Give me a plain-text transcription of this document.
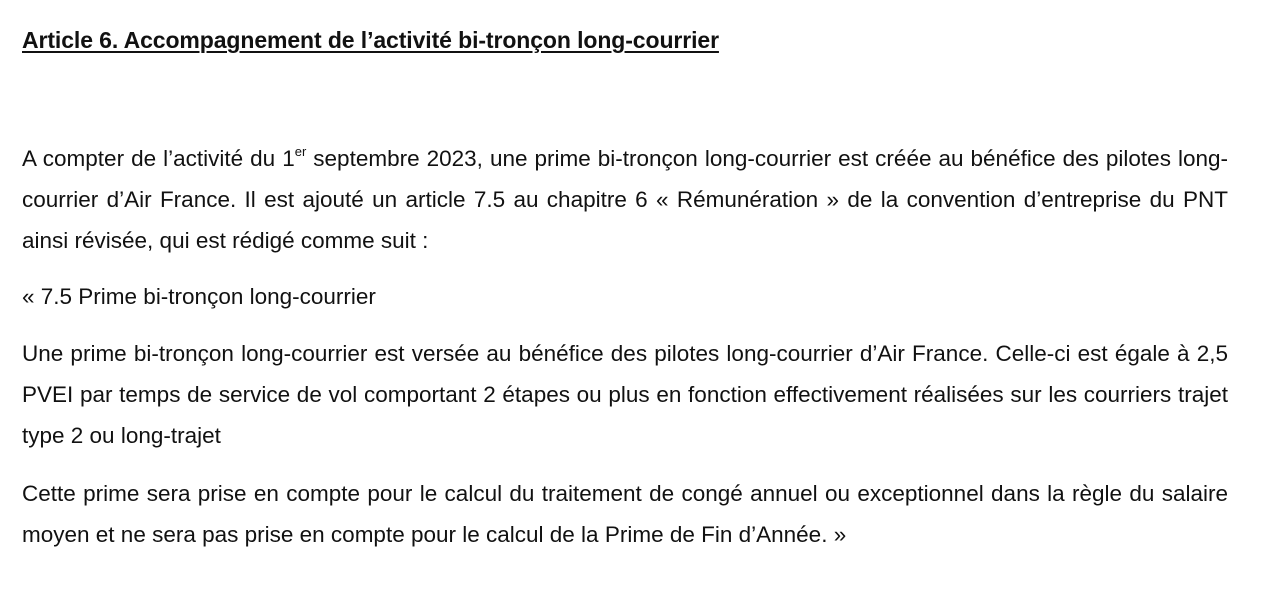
Article 6. Accompagnement de l’activité bi-tronçon long-courrier

A compter de l’activité du 1er septembre 2023, une prime bi-tronçon long-courrier est créée au bénéfice des pilotes long-courrier d’Air France. Il est ajouté un article 7.5 au chapitre 6 « Rémunération » de la convention d’entreprise du PNT ainsi révisée, qui est rédigé comme suit :

« 7.5 Prime bi-tronçon long-courrier

Une prime bi-tronçon long-courrier est versée au bénéfice des pilotes long-courrier d’Air France. Celle-ci est égale à 2,5 PVEI par temps de service de vol comportant 2 étapes ou plus en fonction effectivement réalisées sur les courriers trajet type 2 ou long-trajet

Cette prime sera prise en compte pour le calcul du traitement de congé annuel ou exceptionnel dans la règle du salaire moyen et ne sera pas prise en compte pour le calcul de la Prime de Fin d’Année. »
